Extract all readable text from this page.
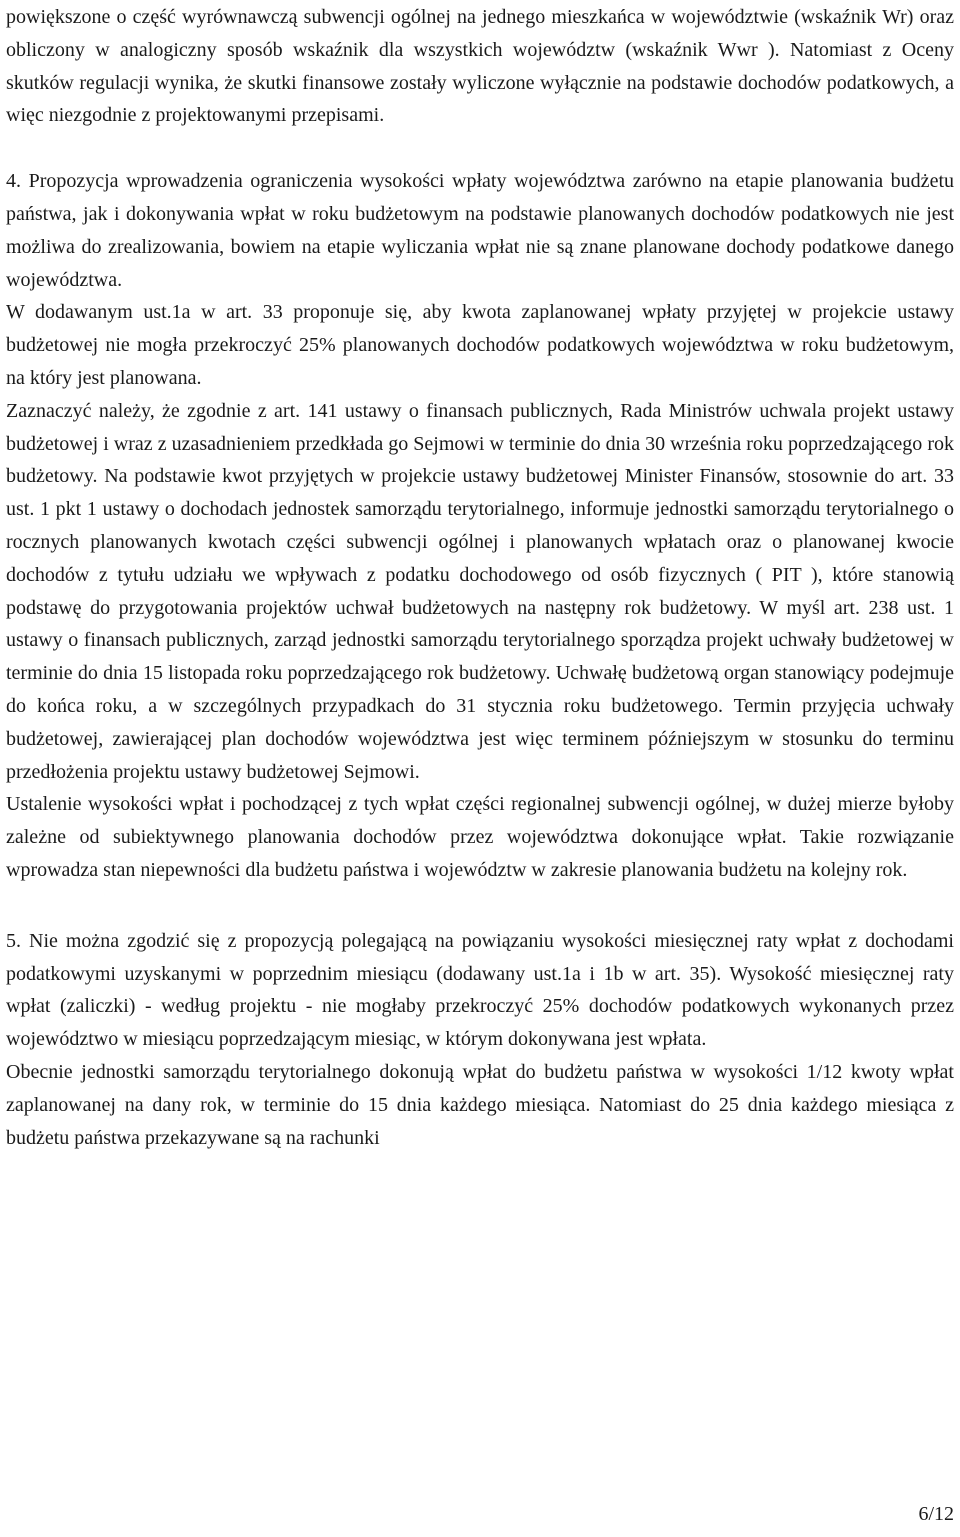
powiększone o część wyrównawczą subwencji ogólnej na jednego mieszkańca w województwie (wskaźnik Wr) oraz obliczony w analogiczny sposób wskaźnik dla wszystkich województw (wskaźnik Wwr ). Natomiast z Oceny skutków regulacji wynika, że skutki finansowe zostały wyliczone wyłącznie na podstawie dochodów podatkowych, a więc niezgodnie z projektowanymi przepisami.

4. Propozycja wprowadzenia ograniczenia wysokości wpłaty województwa zarówno na etapie planowania budżetu państwa, jak i dokonywania wpłat w roku budżetowym na podstawie planowanych dochodów podatkowych nie jest możliwa do zrealizowania, bowiem na etapie wyliczania wpłat nie są znane planowane dochody podatkowe danego województwa.

W dodawanym ust.1a w art. 33 proponuje się, aby kwota zaplanowanej wpłaty przyjętej w projekcie ustawy budżetowej nie mogła przekroczyć 25% planowanych dochodów podatkowych województwa w roku budżetowym, na który jest planowana.

Zaznaczyć należy, że zgodnie z art. 141 ustawy o finansach publicznych, Rada Ministrów uchwala projekt ustawy budżetowej i wraz z uzasadnieniem przedkłada go Sejmowi w terminie do dnia 30 września roku poprzedzającego rok budżetowy. Na podstawie kwot przyjętych w projekcie ustawy budżetowej Minister Finansów, stosownie do art. 33 ust. 1 pkt 1 ustawy o dochodach jednostek samorządu terytorialnego, informuje jednostki samorządu terytorialnego o rocznych planowanych kwotach części subwencji ogólnej i planowanych wpłatach oraz o planowanej kwocie dochodów z tytułu udziału we wpływach z podatku dochodowego od osób fizycznych ( PIT ), które stanowią podstawę do przygotowania projektów uchwał budżetowych na następny rok budżetowy. W myśl art. 238 ust. 1 ustawy o finansach publicznych, zarząd jednostki samorządu terytorialnego sporządza projekt uchwały budżetowej w terminie do dnia 15 listopada roku poprzedzającego rok budżetowy. Uchwałę budżetową organ stanowiący podejmuje do końca roku, a w szczególnych przypadkach do 31 stycznia roku budżetowego. Termin przyjęcia uchwały budżetowej, zawierającej plan dochodów województwa jest więc terminem późniejszym w stosunku do terminu przedłożenia projektu ustawy budżetowej Sejmowi.

Ustalenie wysokości wpłat i pochodzącej z tych wpłat części regionalnej subwencji ogólnej, w dużej mierze byłoby zależne od subiektywnego planowania dochodów przez województwa dokonujące wpłat. Takie rozwiązanie wprowadza stan niepewności dla budżetu państwa i województw w zakresie planowania budżetu na kolejny rok.

5. Nie można zgodzić się z propozycją polegającą na powiązaniu wysokości miesięcznej raty wpłat z dochodami podatkowymi uzyskanymi w poprzednim miesiącu (dodawany ust.1a i 1b w art. 35). Wysokość miesięcznej raty wpłat (zaliczki) - według projektu - nie mogłaby przekroczyć 25% dochodów podatkowych wykonanych przez województwo w miesiącu poprzedzającym miesiąc, w którym dokonywana jest wpłata.

Obecnie jednostki samorządu terytorialnego dokonują wpłat do budżetu państwa w wysokości 1/12 kwoty wpłat zaplanowanej na dany rok, w terminie do 15 dnia każdego miesiąca. Natomiast do 25 dnia każdego miesiąca z budżetu państwa przekazywane są na rachunki

6/12
